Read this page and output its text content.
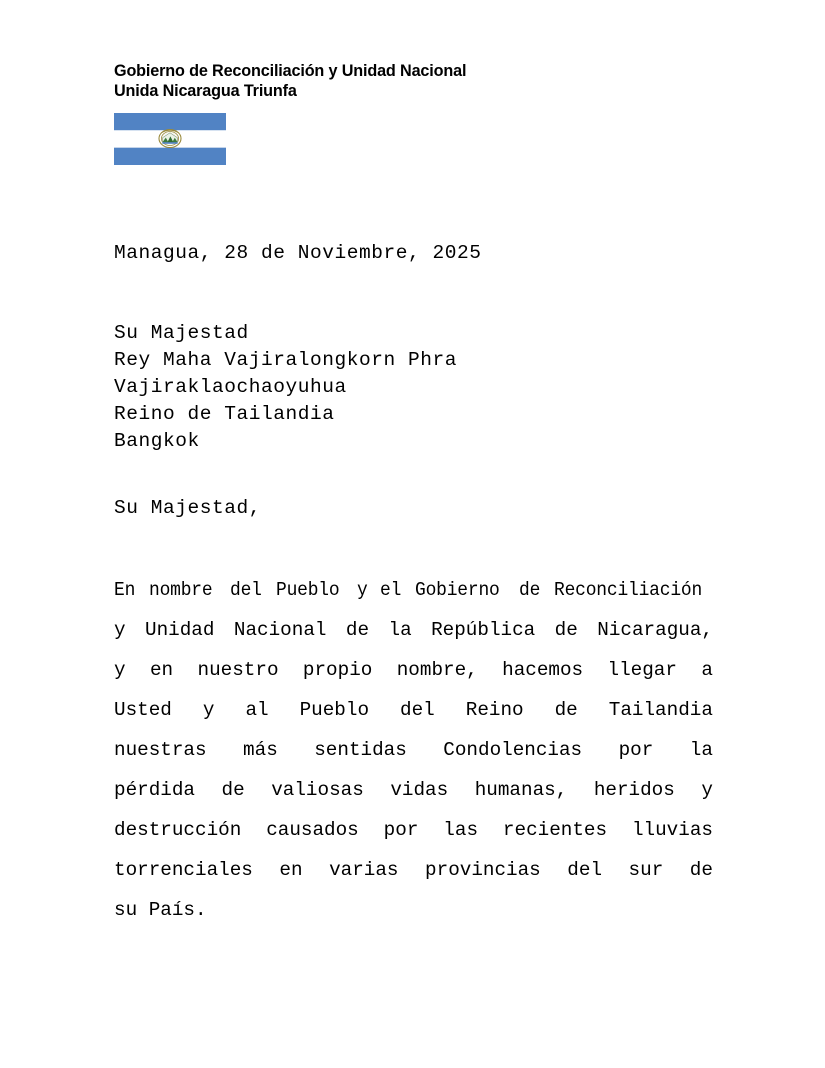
Gobierno de Reconciliación y Unidad Nacional
Unida Nicaragua Triunfa
Managua, 28 de Noviembre, 2025
Su Majestad
Rey Maha Vajiralongkorn Phra
Vajiraklaochaoyuhua
Reino de Tailandia
Bangkok
Su Majestad,
En nombre del Pueblo y el Gobierno de Reconciliación
y Unidad Nacional de la República de Nicaragua,
y en nuestro propio nombre, hacemos llegar a
Usted y al Pueblo del Reino de Tailandia
nuestras más sentidas Condolencias por la
pérdida de valiosas vidas humanas, heridos y
destrucción causados por las recientes lluvias
torrenciales en varias provincias del sur de
su País.
